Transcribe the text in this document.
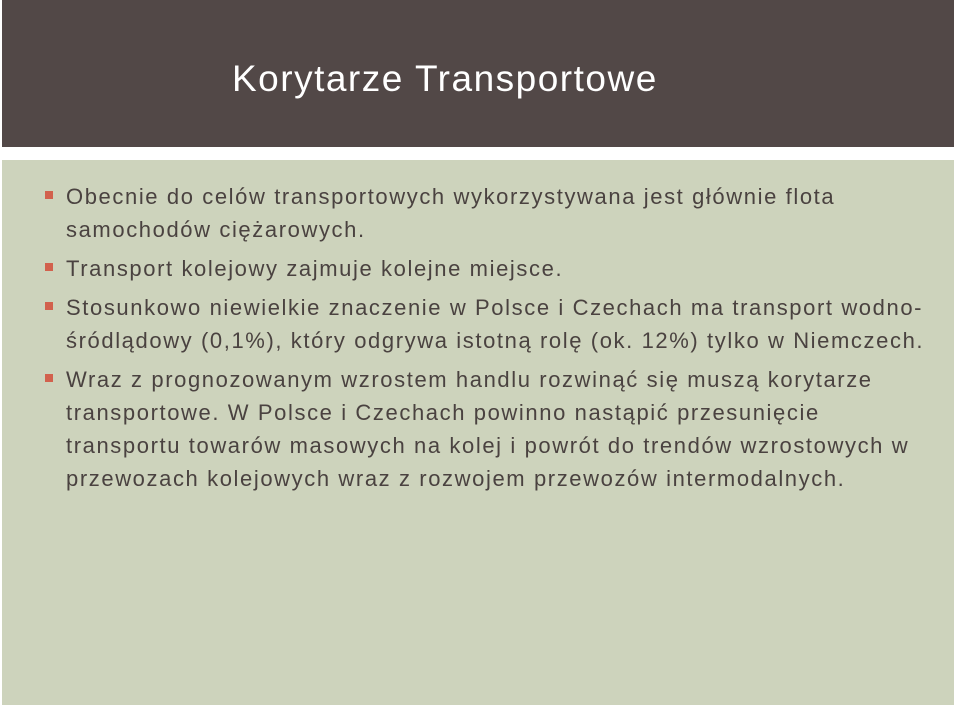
Korytarze Transportowe
Obecnie do celów transportowych wykorzystywana jest głównie flota samochodów ciężarowych.
Transport kolejowy zajmuje kolejne miejsce.
Stosunkowo niewielkie znaczenie w Polsce i Czechach ma transport wodno-śródlądowy (0,1%), który odgrywa istotną rolę (ok. 12%) tylko w Niemczech.
Wraz z prognozowanym wzrostem handlu rozwinąć się muszą korytarze transportowe. W Polsce i Czechach powinno nastąpić przesunięcie transportu towarów masowych na kolej i powrót do trendów wzrostowych w przewozach kolejowych wraz z rozwojem przewozów intermodalnych.
